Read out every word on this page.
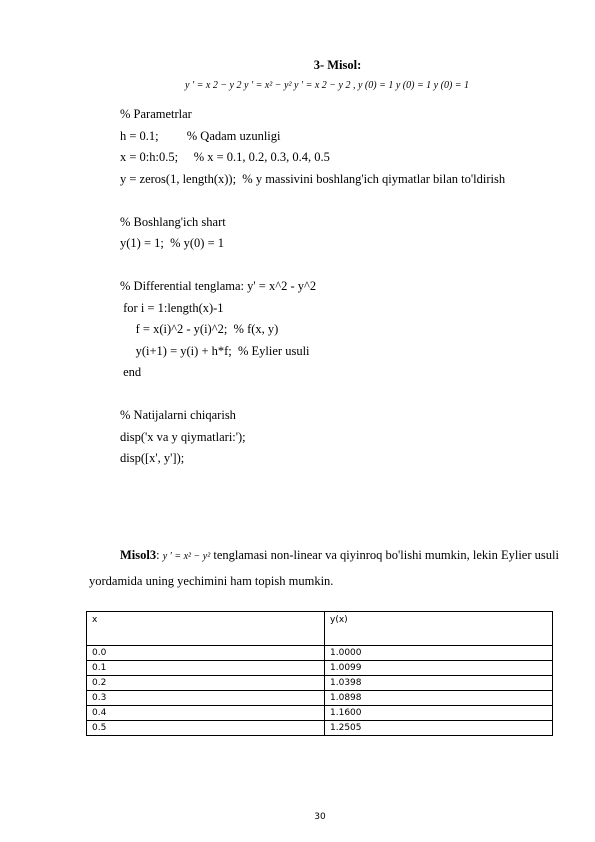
3- Misol:
y ′ = x 2 − y 2 y ′ = x² − y² y ′ = x 2 − y 2 , y (0) = 1 y (0) = 1 y (0) = 1
% Parametrlar
h = 0.1;         % Qadam uzunligi
x = 0:h:0.5;     % x = 0.1, 0.2, 0.3, 0.4, 0.5
y = zeros(1, length(x));  % y massivini boshlang'ich qiymatlar bilan to'ldirish
% Boshlang'ich shart
y(1) = 1;  % y(0) = 1
% Differential tenglama: y' = x^2 - y^2
for i = 1:length(x)-1
f = x(i)^2 - y(i)^2;  % f(x, y)
y(i+1) = y(i) + h*f;  % Eylier usuli
end
% Natijalarni chiqarish
disp('x va y qiymatlari:');
disp([x', y']);
Misol3: y ′ = x² − y² tenglamasi non-linear va qiyinroq bo'lishi mumkin, lekin Eylier usuli yordamida uning yechimini ham topish mumkin.
x	y(x)
0.0	1.0000
0.1	1.0099
0.2	1.0398
0.3	1.0898
0.4	1.1600
0.5	1.2505
30
